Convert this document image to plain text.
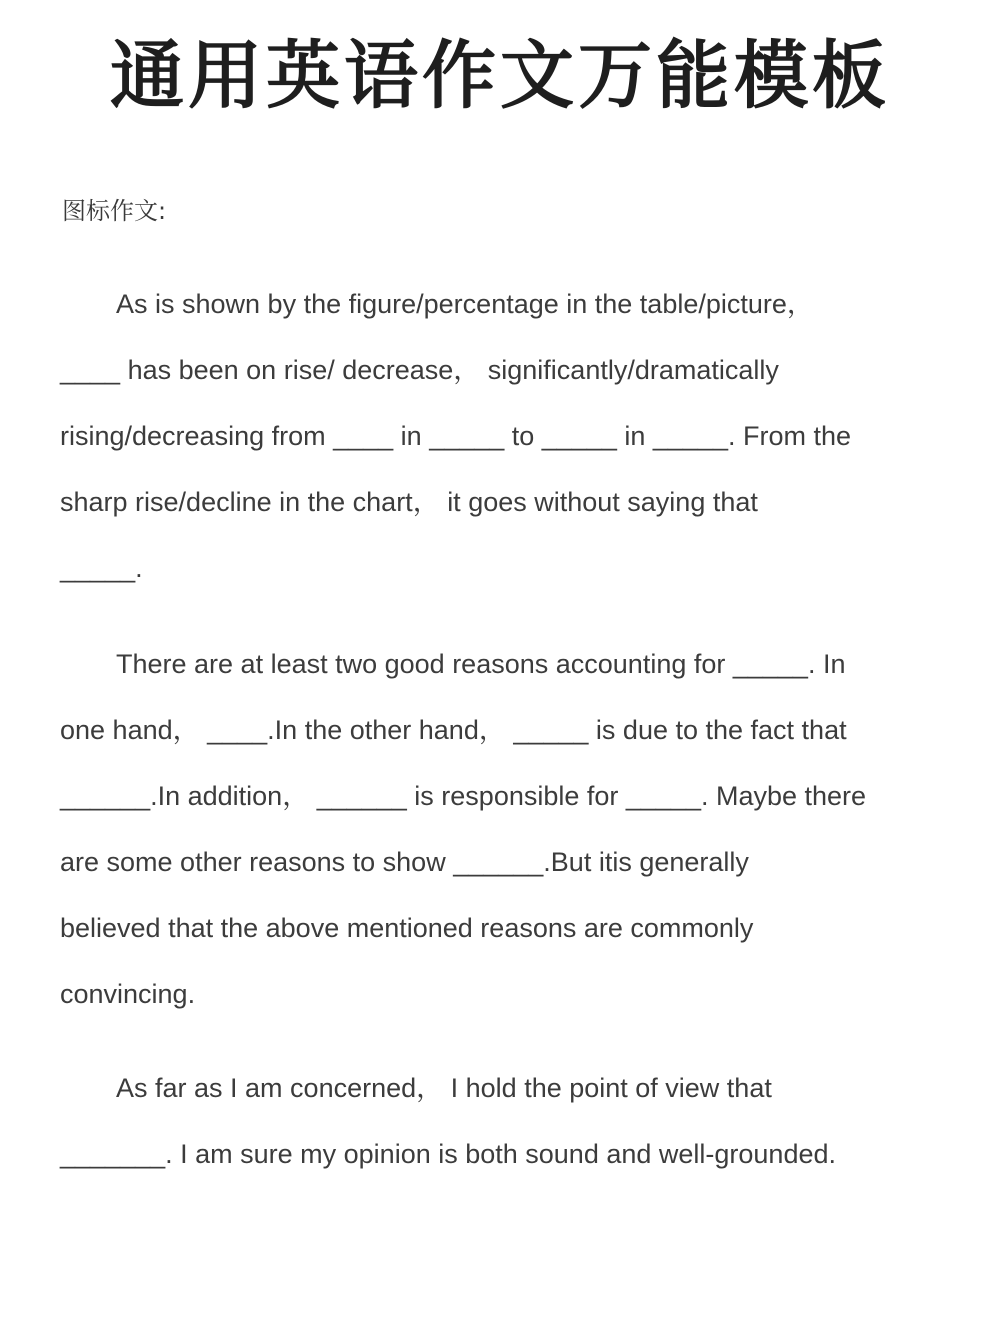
通用英语作文万能模板
图标作文:
As is shown by the figure/percentage in the table/picture，
____ has been on rise/ decrease， significantly/dramatically
rising/decreasing from ____ in _____ to _____ in _____. From the
sharp rise/decline in the chart， it goes without saying that
_____.
There are at least two good reasons accounting for _____. In
one hand， ____.In the other hand， _____ is due to the fact that
______.In addition， ______ is responsible for _____. Maybe there
are some other reasons to show ______.But itis generally
believed that the above mentioned reasons are commonly
convincing.
As far as I am concerned， I hold the point of view that
_______. I am sure my opinion is both sound and well-grounded.
